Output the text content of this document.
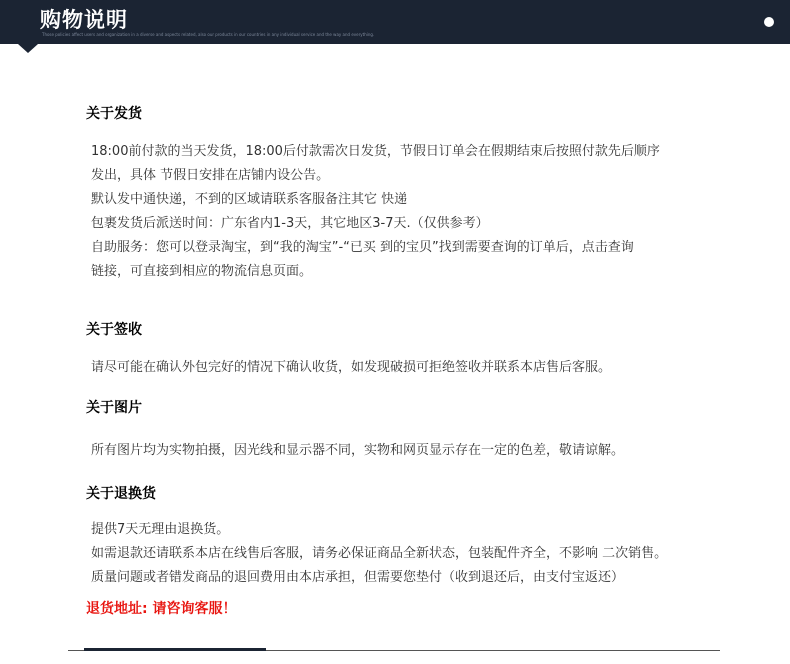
购物说明
Those policies affect users and organization in a diverse and aspects related, also our products in our countries in any individual service and the way and everything.
关于发货
18:00前付款的当天发货，18:00后付款需次日发货，节假日订单会在假期结束后按照付款先后顺序
发出，具体 节假日安排在店铺内设公告。
默认发中通快递，不到的区域请联系客服备注其它 快递
包裹发货后派送时间：广东省内1-3天，其它地区3-7天.（仅供参考）
自助服务：您可以登录淘宝，到“我的淘宝”-“已买 到的宝贝”找到需要查询的订单后，点击查询
链接，可直接到相应的物流信息页面。
关于签收
请尽可能在确认外包完好的情况下确认收货，如发现破损可拒绝签收并联系本店售后客服。
关于图片
所有图片均为实物拍摄，因光线和显示器不同，实物和网页显示存在一定的色差，敬请谅解。
关于退换货
提供7天无理由退换货。
如需退款还请联系本店在线售后客服，请务必保证商品全新状态，包装配件齐全，不影响 二次销售。
质量问题或者错发商品的退回费用由本店承担，但需要您垫付（收到退还后，由支付宝返还）
退货地址: 请咨询客服！
